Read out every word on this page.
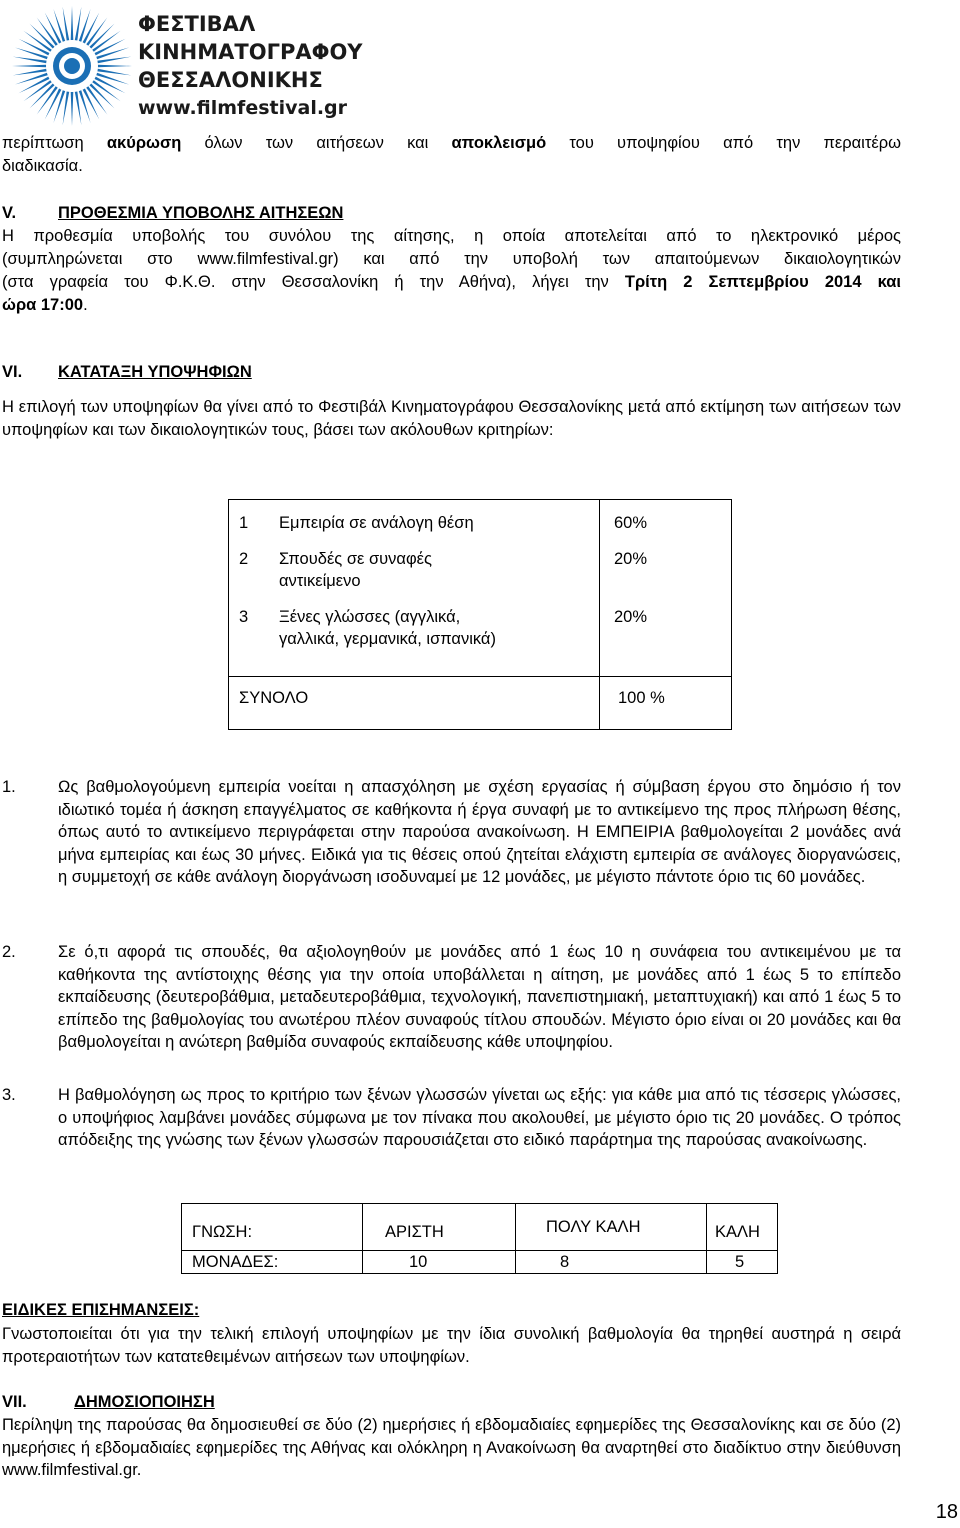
ΦΕΣΤΙΒΑΛ
ΚΙΝΗΜΑΤΟΓΡΑΦΟΥ
ΘΕΣΣΑΛΟΝΙΚΗΣ
www.filmfestival.gr
περίπτωση ακύρωση όλων των αιτήσεων και αποκλεισμό του υποψηφίου από την περαιτέρω
διαδικασία.
V.	ΠΡΟΘΕΣΜΙΑ ΥΠΟΒΟΛΗΣ ΑΙΤΗΣΕΩΝ
Η προθεσμία υποβολής του συνόλου της αίτησης, η οποία αποτελείται από το ηλεκτρονικό μέρος
(συμπληρώνεται στο www.filmfestival.gr) και από την υποβολή των απαιτούμενων δικαιολογητικών
(στα γραφεία του Φ.Κ.Θ. στην Θεσσαλονίκη ή την Αθήνα), λήγει την Τρίτη 2 Σεπτεμβρίου 2014 και
ώρα 17:00.
VI. ΚΑΤΑΤΑΞΗ ΥΠΟΨΗΦΙΩΝ
Η επιλογή των υποψηφίων θα γίνει από το Φεστιβάλ Κινηματογράφου Θεσσαλονίκης μετά από εκτίμηση των αιτήσεων των υποψηφίων και των δικαιολογητικών τους, βάσει των ακόλουθων κριτηρίων:
1	Εμπειρία σε ανάλογη θέση	60%
2	Σπουδές σε συναφές αντικείμενο	20%
3	Ξένες γλώσσες (αγγλικά, γαλλικά, γερμανικά, ισπανικά)	20%
ΣΥΝΟΛΟ		100 %
1.	Ως βαθμολογούμενη εμπειρία νοείται η απασχόληση με σχέση εργασίας ή σύμβαση έργου στο δημόσιο ή τον ιδιωτικό τομέα ή άσκηση επαγγέλματος σε καθήκοντα ή έργα συναφή με το αντικείμενο της προς πλήρωση θέσης, όπως αυτό το αντικείμενο περιγράφεται στην παρούσα ανακοίνωση. Η ΕΜΠΕΙΡΙΑ βαθμολογείται 2 μονάδες ανά μήνα εμπειρίας και έως 30 μήνες. Ειδικά για τις θέσεις οπού ζητείται ελάχιστη εμπειρία σε ανάλογες διοργανώσεις, η συμμετοχή σε κάθε ανάλογη διοργάνωση ισοδυναμεί με 12 μονάδες, με μέγιστο πάντοτε όριο τις 60 μονάδες.
2.	Σε ό,τι αφορά τις σπουδές, θα αξιολογηθούν με μονάδες από 1 έως 10 η συνάφεια του αντικειμένου με τα καθήκοντα της αντίστοιχης θέσης για την οποία υποβάλλεται η αίτηση, με μονάδες από 1 έως 5 το επίπεδο εκπαίδευσης (δευτεροβάθμια, μεταδευτεροβάθμια, τεχνολογική, πανεπιστημιακή, μεταπτυχιακή) και από 1 έως 5 το επίπεδο της βαθμολογίας του ανωτέρου πλέον συναφούς τίτλου σπουδών. Μέγιστο όριο είναι οι 20 μονάδες και θα βαθμολογείται η ανώτερη βαθμίδα συναφούς εκπαίδευσης κάθε υποψηφίου.
3.	Η βαθμολόγηση ως προς το κριτήριο των ξένων γλωσσών γίνεται ως εξής: για κάθε μια από τις τέσσερις γλώσσες, ο υποψήφιος λαμβάνει μονάδες σύμφωνα με τον πίνακα που ακολουθεί, με μέγιστο όριο τις 20 μονάδες. Ο τρόπος απόδειξης της γνώσης των ξένων γλωσσών παρουσιάζεται στο ειδικό παράρτημα της παρούσας ανακοίνωσης.
ΓΝΩΣΗ:	ΑΡΙΣΤΗ	ΠΟΛΥ ΚΑΛΗ	ΚΑΛΗ
ΜΟΝΑΔΕΣ:	10	8	5
ΕΙΔΙΚΕΣ ΕΠΙΣΗΜΑΝΣΕΙΣ:
Γνωστοποιείται ότι για την τελική επιλογή υποψηφίων με την ίδια συνολική βαθμολογία θα τηρηθεί αυστηρά η σειρά προτεραιοτήτων των κατατεθειμένων αιτήσεων των υποψηφίων.
VII.	ΔΗΜΟΣΙΟΠΟΙΗΣΗ
Περίληψη της παρούσας θα δημοσιευθεί σε δύο (2) ημερήσιες ή εβδομαδιαίες εφημερίδες της Θεσσαλονίκης και σε δύο (2) ημερήσιες ή εβδομαδιαίες εφημερίδες της Αθήνας και ολόκληρη η Ανακοίνωση θα αναρτηθεί στο διαδίκτυο στην διεύθυνση www.filmfestival.gr.
18
